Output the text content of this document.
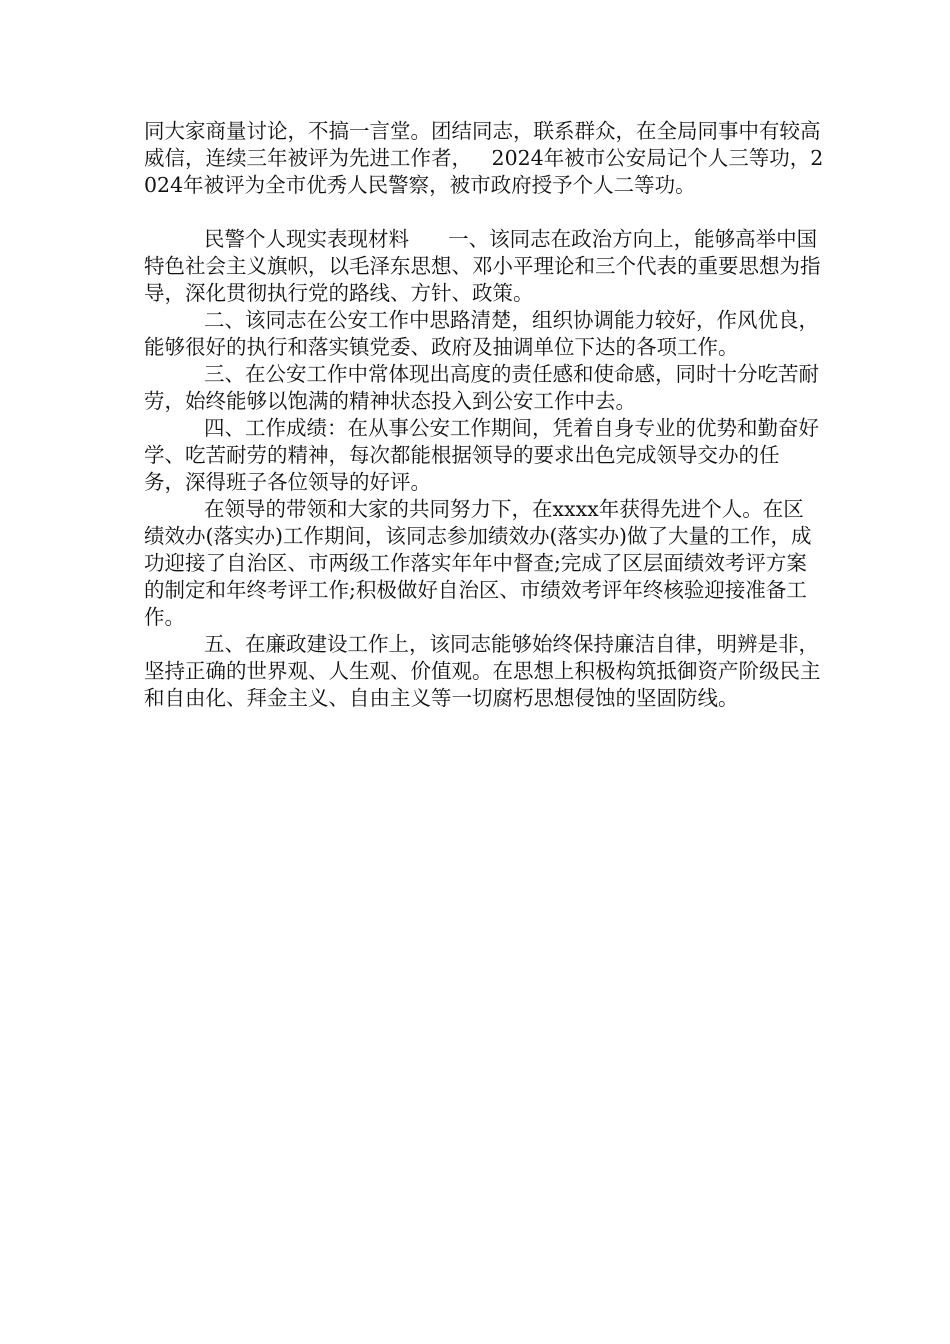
同大家商量讨论，不搞一言堂。团结同志，联系群众，在全局同事中有较高威信，连续三年被评为先进工作者，   2024年被市公安局记个人三等功，2024年被评为全市优秀人民警察，被市政府授予个人二等功。

民警个人现实表现材料      一、该同志在政治方向上，能够高举中国特色社会主义旗帜，以毛泽东思想、邓小平理论和三个代表的重要思想为指导，深化贯彻执行党的路线、方针、政策。

二、该同志在公安工作中思路清楚，组织协调能力较好，作风优良，能够很好的执行和落实镇党委、政府及抽调单位下达的各项工作。

三、在公安工作中常体现出高度的责任感和使命感，同时十分吃苦耐劳，始终能够以饱满的精神状态投入到公安工作中去。

四、工作成绩：在从事公安工作期间，凭着自身专业的优势和勤奋好学、吃苦耐劳的精神，每次都能根据领导的要求出色完成领导交办的任  务，深得班子各位领导的好评。

在领导的带领和大家的共同努力下，在xxxx年获得先进个人。在区绩效办(落实办)工作期间，该同志参加绩效办(落实办)做了大量的工作，成功迎接了自治区、市两级工作落实年年中督查;完成了区层面绩效考评方案的制定和年终考评工作;积极做好自治区、市绩效考评年终核验迎接准备工作。

五、在廉政建设工作上，该同志能够始终保持廉洁自律，明辨是非，坚持正确的世界观、人生观、价值观。在思想上积极构筑抵御资产阶级民主和自由化、拜金主义、自由主义等一切腐朽思想侵蚀的坚固防线。
